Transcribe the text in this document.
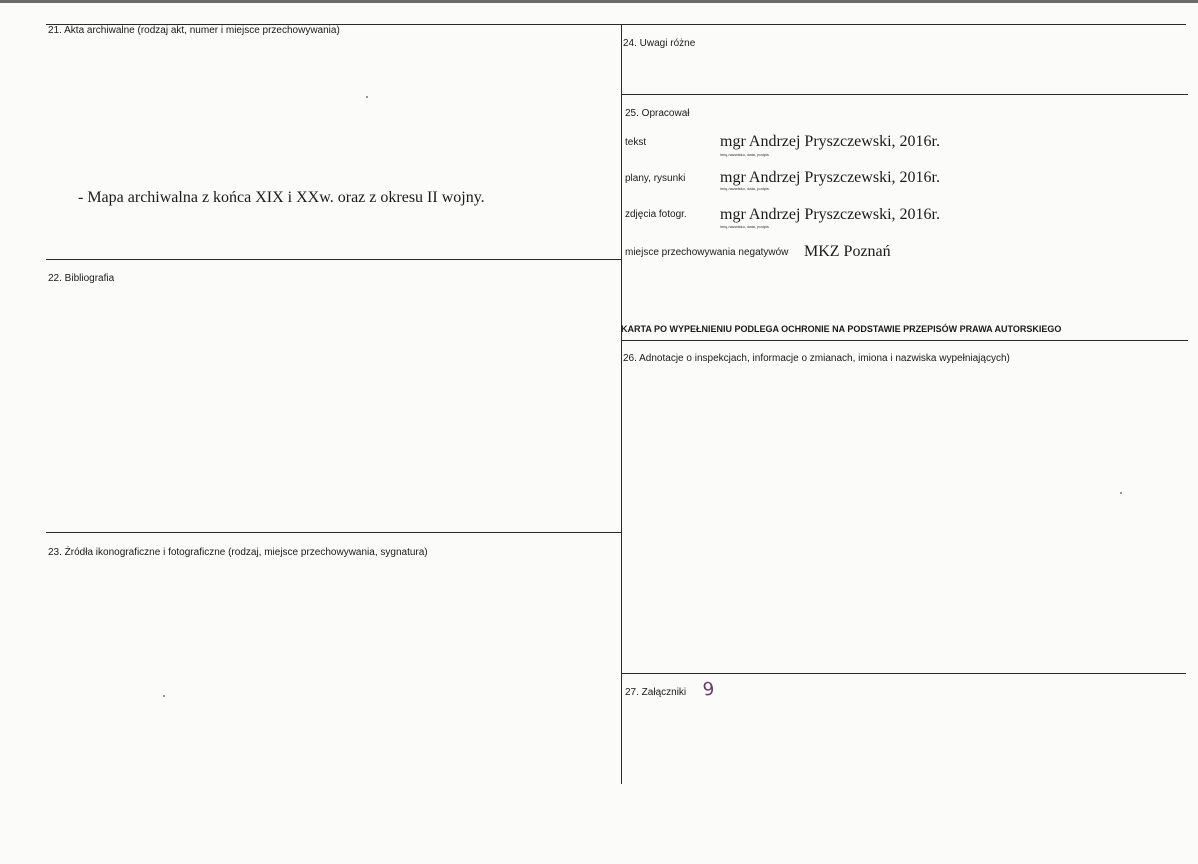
21. Akta archiwalne (rodzaj akt, numer i miejsce przechowywania)
- Mapa archiwalna z końca XIX i XXw. oraz z okresu II wojny.
22. Bibliografia
23. Źródła ikonograficzne i fotograficzne (rodzaj, miejsce przechowywania, sygnatura)
24. Uwagi różne
25. Opracował
tekst	mgr Andrzej Pryszczewski, 2016r.
imię,nazwisko, data, podpis
plany, rysunki mgr Andrzej Pryszczewski, 2016r.
imię,nazwisko, data, podpis
zdjęcia fotogr. mgr Andrzej Pryszczewski, 2016r.
imię,nazwisko, data, podpis
miejsce przechowywania negatywów MKZ Poznań
KARTA PO WYPEŁNIENIU PODLEGA OCHRONIE NA PODSTAWIE PRZEPISÓW PRAWA AUTORSKIEGO
26. Adnotacje o inspekcjach, informacje o zmianach, imiona i nazwiska wypełniających)
27. Załączniki 9
